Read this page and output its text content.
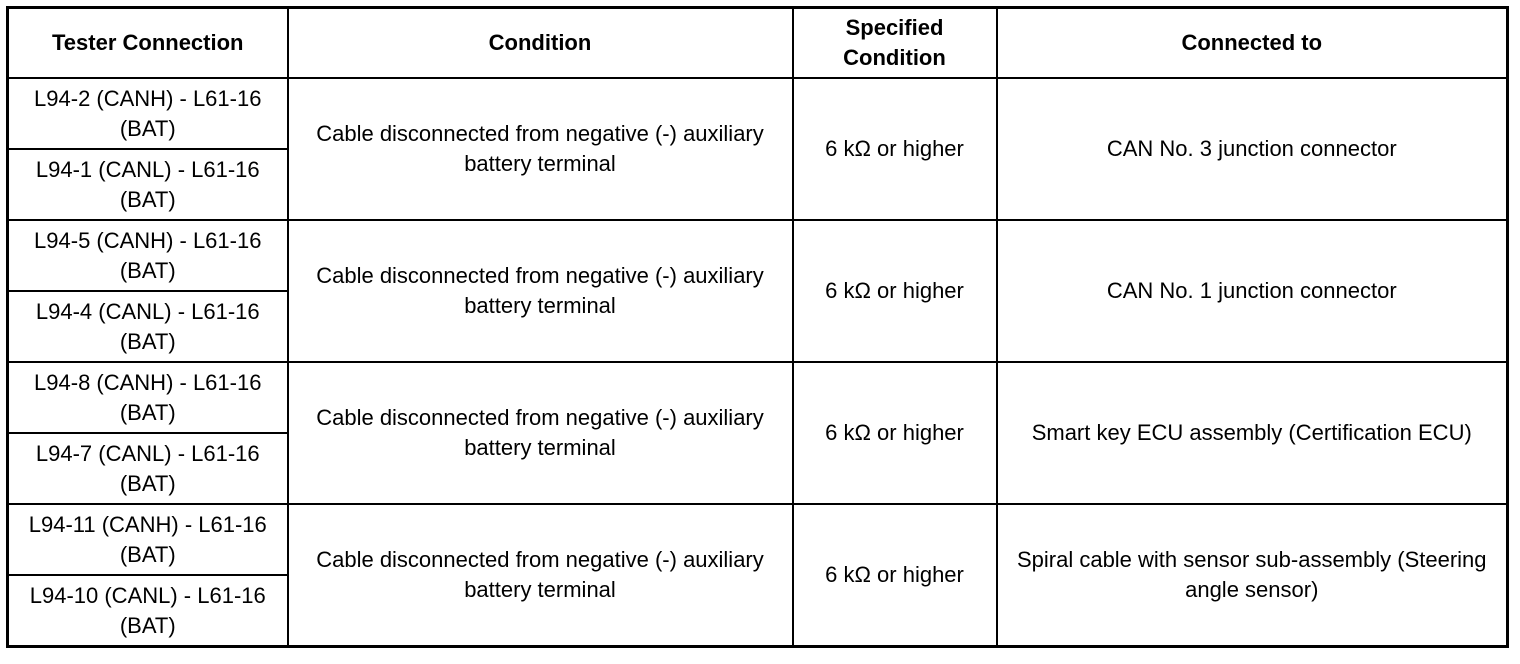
Tester Connection	Condition	Specified Condition	Connected to
L94-2 (CANH) - L61-16 (BAT)	Cable disconnected from negative (-) auxiliary battery terminal	6 kΩ or higher	CAN No. 3 junction connector
L94-1 (CANL) - L61-16 (BAT)			
L94-5 (CANH) - L61-16 (BAT)	Cable disconnected from negative (-) auxiliary battery terminal	6 kΩ or higher	CAN No. 1 junction connector
L94-4 (CANL) - L61-16 (BAT)			
L94-8 (CANH) - L61-16 (BAT)	Cable disconnected from negative (-) auxiliary battery terminal	6 kΩ or higher	Smart key ECU assembly (Certification ECU)
L94-7 (CANL) - L61-16 (BAT)			
L94-11 (CANH) - L61-16 (BAT)	Cable disconnected from negative (-) auxiliary battery terminal	6 kΩ or higher	Spiral cable with sensor sub-assembly (Steering angle sensor)
L94-10 (CANL) - L61-16 (BAT)			
